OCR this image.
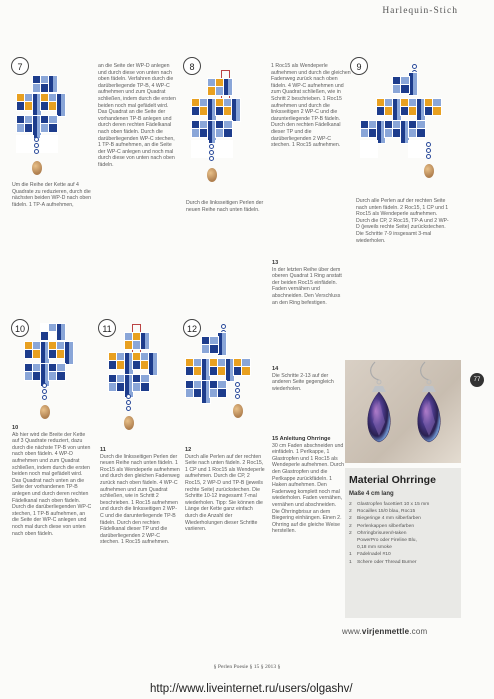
Harlequin-Stich
7
Um die Reihe der Kette auf 4 Quadrate zu reduzieren, durch die nächsten beiden WP-D nach oben fädeln. 1 TP-A aufnehmen,
an die Seite der WP-D anlegen und durch diese von unten nach oben fädeln. Verfahren durch die darüberliegende TP-B, 4 WP-C aufnehmen und zum Quadrat schließen, indem durch die ersten beiden noch mal gefädelt wird. Das Quadrat an die Seite der vorhandenen TP-B anlegen und durch deren rechten Fädelkanal nach oben fädeln. Durch die darüberliegenden WP-C stechen, 1 TP-B aufnehmen, an die Seite der WP-C anlegen und noch mal durch diese von unten nach oben fädeln.
8
Durch die linksseitigen Perlen der neuen Reihe nach unten fädeln.
1 Roc15 als Wendeperle aufnehmen und durch die gleichen Fadenweg zurück nach oben fädeln. 4 WP-C aufnehmen und zum Quadrat schließen, wie in Schritt 2 beschrieben. 1 Roc15 aufnehmen und durch die linksseitigen 2 WP-C und die darunterliegende TP-B fädeln. Durch den rechten Fädelkanal dieser TP und die darüberliegenden 2 WP-C stechen. 1 Roc15 aufnehmen.
9
Durch alle Perlen auf der rechten Seite nach unten fädeln. 2 Roc15, 1 CP und 1 Roc15 als Wendeperle aufnehmen. Durch die CP, 2 Roc15, TP-A und 2 WP-D (jeweils rechte Seite) zurückstechen. Die Schritte 7-9 insgesamt 3-mal wiederholen.

13
In der letzten Reihe über dem oberen Quadrat 1 Ring anstatt der beiden Roc15 einfädeln. Faden vernähen und abschneiden. Den Verschluss an den Ring befestigen.
10
10
Ab hier wird die Breite der Kette auf 3 Quadrate reduziert, dazu durch die nächste TP-B von unten nach oben fädeln. 4 WP-D aufnehmen und zum Quadrat schließen, indem durch die ersten beiden noch mal gefädelt wird. Das Quadrat nach unten an die Seite der vorhandenen TP-B anlegen und durch deren rechten Fädelkanal nach oben fädeln. Durch die darüberliegenden WP-C stechen, 1 TP-B aufnehmen, an die Seite der WP-C anlegen und noch mal durch diese von unten nach oben fädeln.
11
11
Durch die linksseitigen Perlen der neuen Reihe nach unten fädeln. 1 Roc15 als Wendeperle aufnehmen und durch den gleichen Fadenweg zurück nach oben fädeln. 4 WP-C aufnehmen und zum Quadrat schließen, wie in Schritt 2 beschrieben. 1 Roc15 aufnehmen und durch die linksseitigen 2 WP-C und die darunterliegende TP-B fädeln. Durch den rechten Fädelkanal dieser TP und die darüberliegenden 2 WP-C stechen. 1 Roc15 aufnehmen.
12
12
Durch alle Perlen auf der rechten Seite nach unten fädeln. 2 Roc15, 1 CP und 1 Roc15 als Wendeperle aufnehmen. Durch die CP, 2 Roc15, 2 WP-D und TP-B (jeweils rechte Seite) zurückstechen. Die Schritte 10-12 insgesamt 7-mal wiederholen. Tipp: Sie können die Länge der Kette ganz einfach durch die Anzahl der Wiederholungen dieser Schritte variieren.
14
Die Schritte 2-13 auf der anderen Seite gegengleich wiederholen.
15 Anleitung Ohrringe
30 cm Faden abschneiden und einfädeln. 1 Perlkappe, 1 Glastropfen und 1 Roc15 als Wendeperle aufnehmen. Durch den Glastropfen und die Perlkappe zurückfädeln. 1 Haken aufnehmen. Den Fadenweg komplett noch mal wiederholen. Faden vernähen, vernähen und abschneiden. Die Öhrringbrisur an dem Biegering einhängen. Einen 2. Ohrring auf die gleiche Weise herstellen.
77
Material Ohrringe
Maße 4 cm lang
2 Glastropfen facettiert 10 x 15 mm
2 Rocailles 15/0 blau, Roc15
2 Biegeringe 4 mm silberfarben
2 Perlenkappen silberfarben
2 Ohrringbrisuren/Haken
PowerPro oder Fireline Blu,
0,18 mm smoke
1 Fädelnadel #10
1 Schere oder Thread Burner
www.virjenmettle.com
§ Perlen Poesie § 15 § 2013 §
http://www.liveinternet.ru/users/olgashv/
